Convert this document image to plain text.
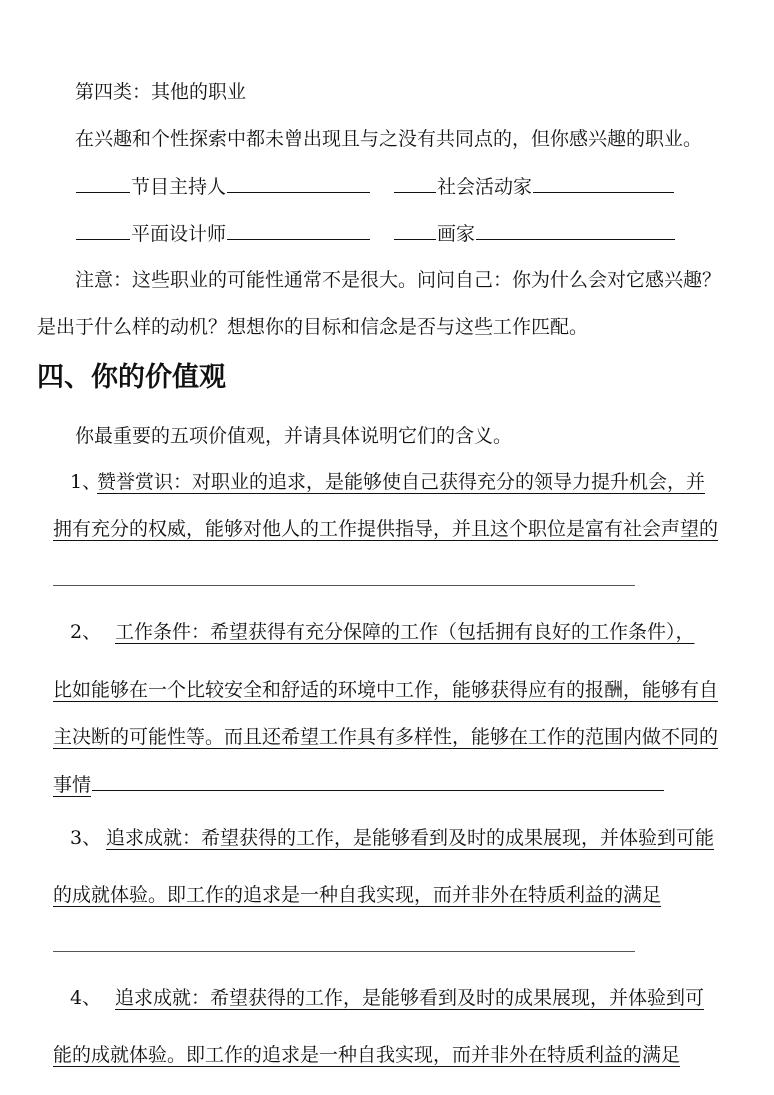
第四类：其他的职业
在兴趣和个性探索中都未曾出现且与之没有共同点的，但你感兴趣的职业。
节目主持人	社会活动家
平面设计师	画家
注意：这些职业的可能性通常不是很大。问问自己：你为什么会对它感兴趣？
是出于什么样的动机？想想你的目标和信念是否与这些工作匹配。
四、你的价值观
你最重要的五项价值观，并请具体说明它们的含义。
1、
赞誉赏识：对职业的追求，是能够使自己获得充分的领导力提升机会，并
拥有充分的权威，能够对他人的工作提供指导，并且这个职位是富有社会声望的
2、 工作条件：希望获得有充分保障的工作（包括拥有良好的工作条件），
比如能够在一个比较安全和舒适的环境中工作，能够获得应有的报酬，能够有自
主决断的可能性等。而且还希望工作具有多样性，能够在工作的范围内做不同的
事情
3、 追求成就：希望获得的工作，是能够看到及时的成果展现，并体验到可能
的成就体验。即工作的追求是一种自我实现，而并非外在特质利益的满足
4、 追求成就：希望获得的工作，是能够看到及时的成果展现，并体验到可
能的成就体验。即工作的追求是一种自我实现，而并非外在特质利益的满足
